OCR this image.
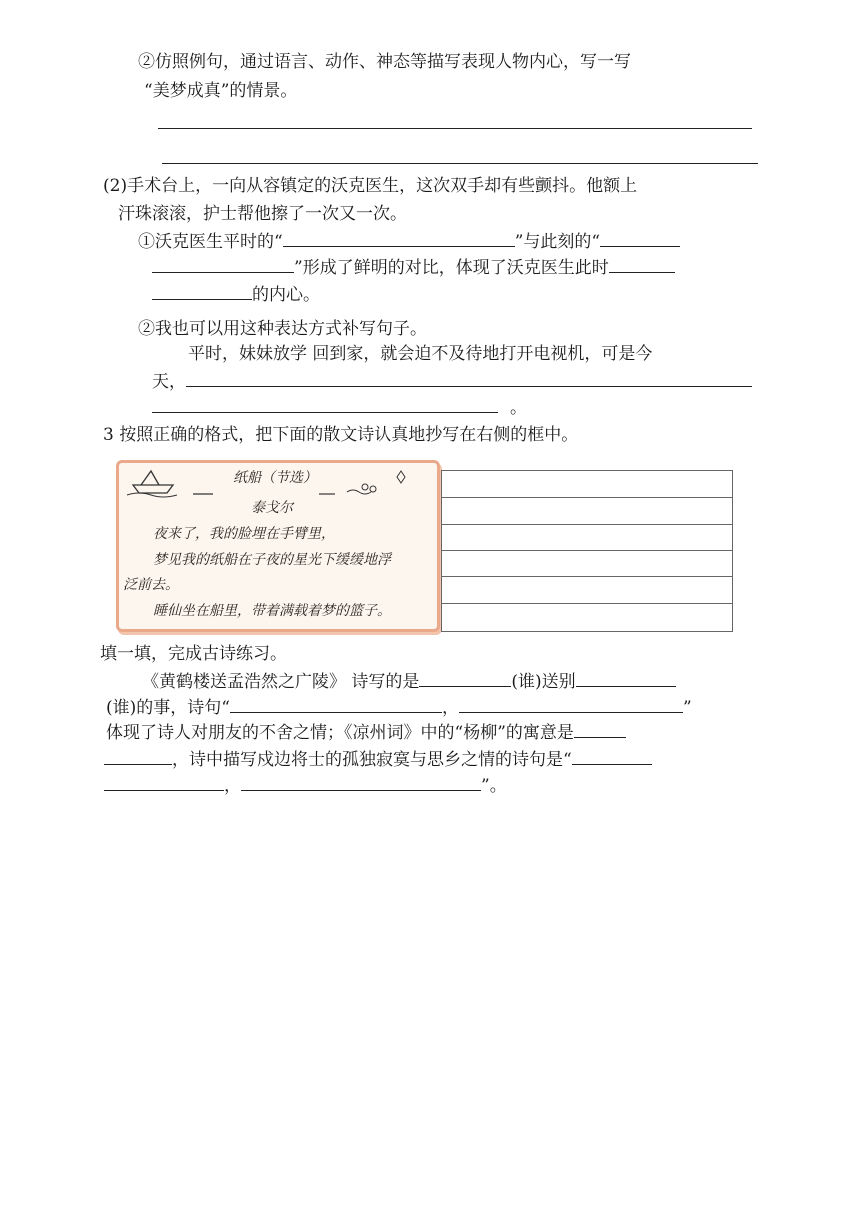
②仿照例句，通过语言、动作、神态等描写表现人物内心，写一写
“美梦成真”的情景。
(2)手术台上，一向从容镇定的沃克医生，这次双手却有些颤抖。他额上
汗珠滚滚，护士帮他擦了一次又一次。
①沃克医生平时的“	”与此刻的“
”形成了鲜明的对比，体现了沃克医生此时
的内心。
②我也可以用这种表达方式补写句子。
平时，妹妹放学 回到家，就会迫不及待地打开电视机，可是今
天，
。
3 按照正确的格式，把下面的散文诗认真地抄写在右侧的框中。
纸船（节选）
泰戈尔
夜来了，我的脸埋在手臂里，
梦见我的纸船在子夜的星光下缓缓地浮
泛前去。
睡仙坐在船里，带着满载着梦的篮子。
填一填，完成古诗练习。
《黄鹤楼送孟浩然之广陵》 诗写的是	(谁)送别
(谁)的事，诗句“	，	”
体现了诗人对朋友的不舍之情；《凉州词》中的“杨柳”的寓意是
，诗中描写戍边将士的孤独寂寞与思乡之情的诗句是“
，	”。
